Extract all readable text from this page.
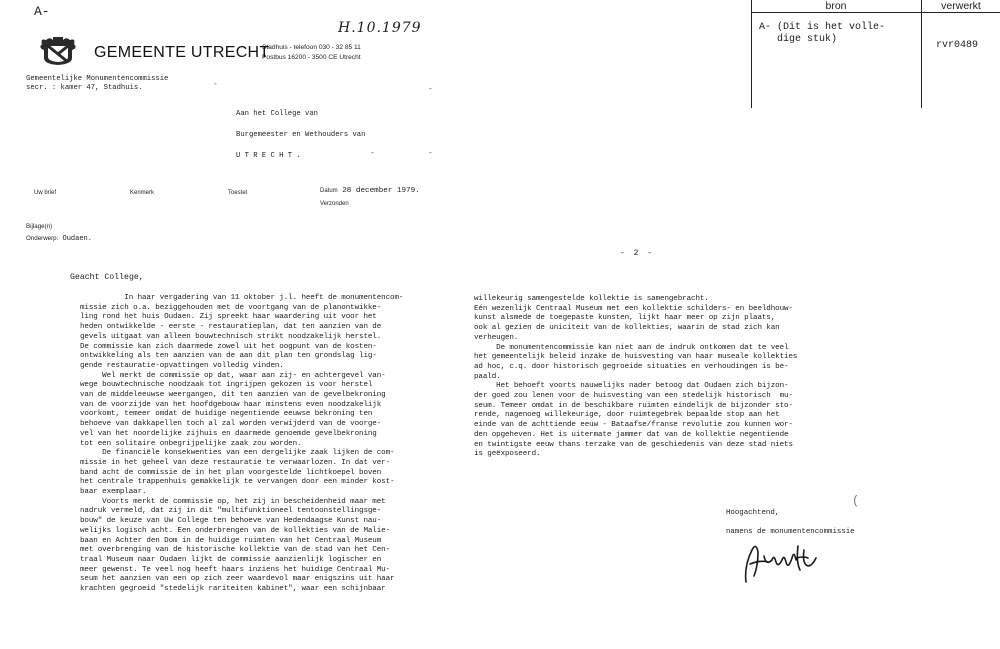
A-
H.10.1979
GEMEENTE UTRECHT
Stadhuis - telefoon 030 - 32 85 11
Postbus 16200 - 3500 CE Utrecht
Gemeentelijke Monumentencommissie
secr. : kamer 47, Stadhuis.	-
-
Aan het College van
Burgemeester en Wethouders van
U T R E C H T .	-	-
Uw brief	Kenmerk	Toestel	Datum 28 december 1979.
Verzonden
Bijlage(n)
Onderwerp: Oudaen.
- 2 -
Geacht College,
In haar vergadering van 11 oktober j.l. heeft de monumentencom-
missie zich o.a. beziggehouden met de voortgang van de planontwikke-
ling rond het huis Oudaen. Zij spreekt haar waardering uit voor het
heden ontwikkelde - eerste - restauratieplan, dat ten aanzien van de
gevels uitgaat van alleen bouwtechnisch strikt noodzakelijk herstel.
De commissie kan zich daarmede zowel uit het oogpunt van de kosten-
ontwikkeling als ten aanzien van de aan dit plan ten grondslag lig-
gende restauratie-opvattingen volledig vinden.
Wel merkt de commissie op dat, waar aan zij- en achtergevel van-
wege bouwtechnische noodzaak tot ingrijpen gekozen is voor herstel
van de middeleeuwse weergangen, dit ten aanzien van de gevelbekroning
van de voorzijde van het hoofdgebouw haar minstens even noodzakelijk
voorkomt, temeer omdat de huidige negentiende eeuwse bekroning ten
behoeve van dakkapellen toch al zal worden verwijderd van de voorge-
vel van het noordelijke zijhuis en daarmede genoemde gevelbekroning
tot een solitaire onbegrijpelijke zaak zou worden.
De financiële konsekwenties van een dergelijke zaak lijken de com-
missie in het geheel van deze restauratie te verwaarlozen. In dat ver-
band acht de commissie de in het plan voorgestelde lichtkoepel boven
het centrale trappenhuis gemakkelijk te vervangen door een minder kost-
baar exemplaar.
Voorts merkt de commissie op, het zij in bescheidenheid maar met
nadruk vermeld, dat zij in dit "multifunktioneel tentoonstellingsge-
bouw" de keuze van Uw College ten behoeve van Hedendaagse Kunst nau-
welijks logisch acht. Een onderbrengen van de kollekties van de Malie-
baan en Achter den Dom in de huidige ruimten van het Centraal Museum
met overbrenging van de historische kollektie van de stad van het Cen-
traal Museum naar Oudaen lijkt de commissie aanzienlijk logischer en
meer gewenst. Te veel nog heeft haars inziens het huidige Centraal Mu-
seum het aanzien van een op zich zeer waardevol maar enigszins uit haar
krachten gegroeid "stedelijk rariteiten kabinet", waar een schijnbaar
willekeurig samengestelde kollektie is samengebracht.
Eén wezenlijk Centraal Museum met een kollektie schilders- en beeldhouw-
kunst alsmede de toegepaste kunsten, lijkt haar meer op zijn plaats,
ook al gezien de uniciteit van de kollekties, waarin de stad zich kan
verheugen.
De monumentencommissie kan niet aan de indruk ontkomen dat te veel
het gemeentelijk beleid inzake de huisvesting van haar museale kollekties
ad hoc, c.q. door historisch gegroeide situaties en verhoudingen is be-
paald.
Het behoeft voorts nauwelijks nader betoog dat Oudaen zich bijzon-
der goed zou lenen voor de huisvesting van een stedelijk historisch  mu-
seum. Temeer omdat in de beschikbare ruimten eindelijk de bijzonder sto-
rende, nagenoeg willekeurige, door ruimtegebrek bepaalde stop aan het
einde van de achttiende eeuw - Bataafse/franse revolutie zou kunnen wor-
den opgeheven. Het is uitermate jammer dat van de kollektie negentiende
en twintigste eeuw thans terzake van de geschiedenis van deze stad niets
is geëxposeerd.
Hoogachtend,
namens de monumentencommissie
(
bron	verwerkt
A- (Dit is het volle-
dige stuk)
rvr0489
